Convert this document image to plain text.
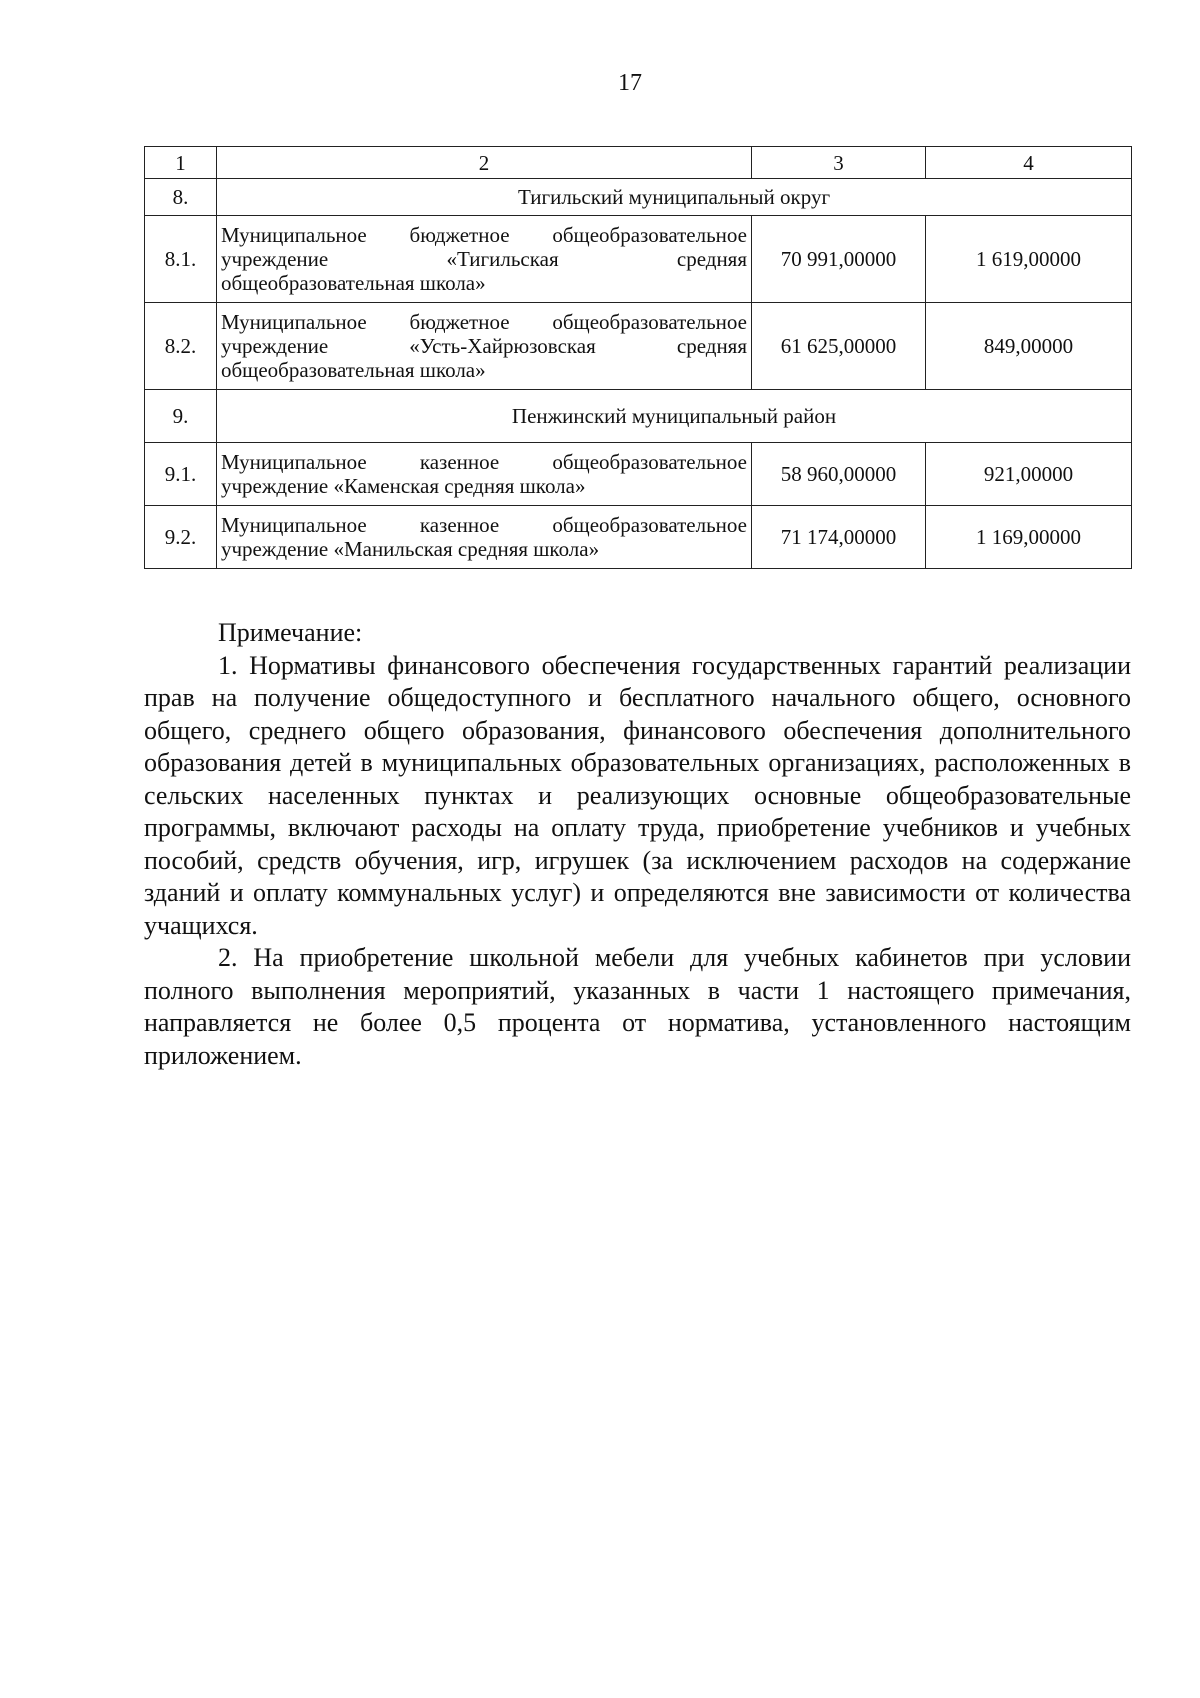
17
1	2	3	4
8.	Тигильский муниципальный округ		
8.1.	Муниципальное бюджетное общеобразовательное
учреждение «Тигильская средняя
общеобразовательная школа»	70 991,00000	1 619,00000
8.2.	Муниципальное бюджетное общеобразовательное
учреждение «Усть-Хайрюзовская средняя
общеобразовательная школа»	61 625,00000	849,00000
9.	Пенжинский муниципальный район		
9.1.	Муниципальное казенное общеобразовательное
учреждение «Каменская средняя школа»	58 960,00000	921,00000
9.2.	Муниципальное казенное общеобразовательное
учреждение «Манильская средняя школа»	71 174,00000	1 169,00000
Примечание:

1. Нормативы финансового обеспечения государственных гарантий реализации прав на получение общедоступного и бесплатного начального общего, основного общего, среднего общего образования, финансового обеспечения дополнительного образования детей в муниципальных образовательных организациях, расположенных в сельских населенных пунктах и реализующих основные общеобразовательные программы, включают расходы на оплату труда, приобретение учебников и учебных пособий, средств обучения, игр, игрушек (за исключением расходов на содержание зданий и оплату коммунальных услуг) и определяются вне зависимости от количества учащихся.

2. На приобретение школьной мебели для учебных кабинетов при условии полного выполнения мероприятий, указанных в части 1 настоящего примечания, направляется не более 0,5 процента от норматива, установленного настоящим приложением.
